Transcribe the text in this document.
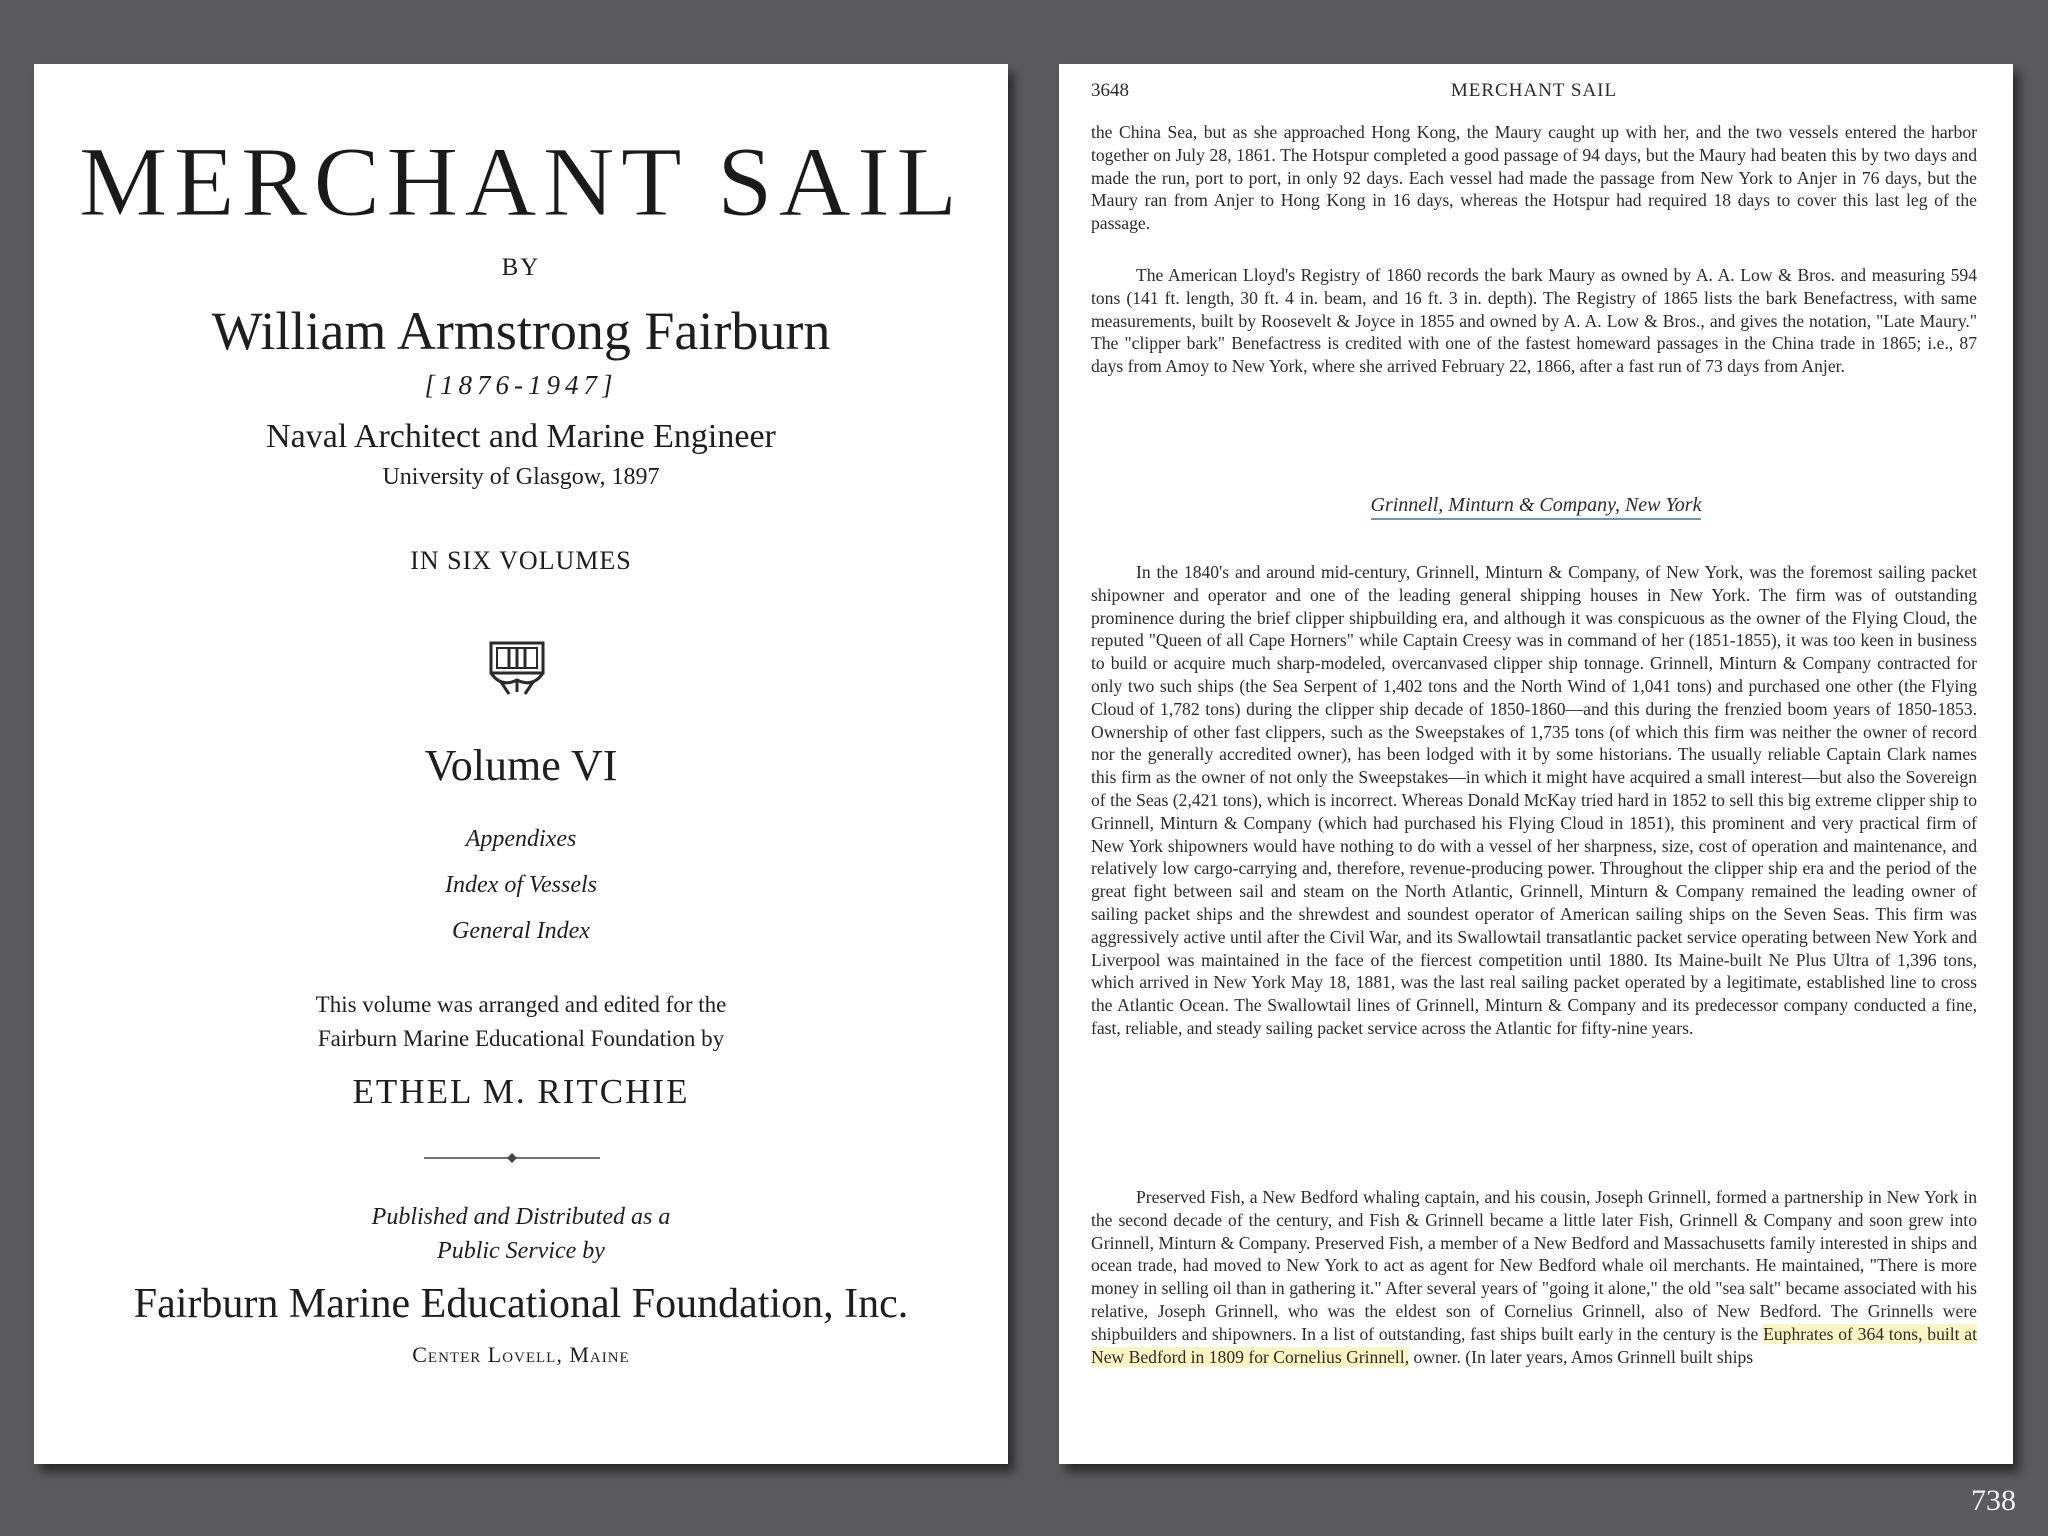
MERCHANT SAIL
BY
William Armstrong Fairburn
[1876-1947]
Naval Architect and Marine Engineer
University of Glasgow, 1897
IN SIX VOLUMES
Volume VI
Appendixes
Index of Vessels
General Index
This volume was arranged and edited for the
Fairburn Marine Educational Foundation by
ETHEL M. RITCHIE
Published and Distributed as a
Public Service by
Fairburn Marine Educational Foundation, Inc.
Center Lovell, Maine
3648	MERCHANT SAIL

the China Sea, but as she approached Hong Kong, the Maury caught up with her, and the two vessels entered the harbor together on July 28, 1861. The Hotspur completed a good passage of 94 days, but the Maury had beaten this by two days and made the run, port to port, in only 92 days. Each vessel had made the passage from New York to Anjer in 76 days, but the Maury ran from Anjer to Hong Kong in 16 days, whereas the Hotspur had required 18 days to cover this last leg of the passage.

The American Lloyd's Registry of 1860 records the bark Maury as owned by A. A. Low & Bros. and measuring 594 tons (141 ft. length, 30 ft. 4 in. beam, and 16 ft. 3 in. depth). The Registry of 1865 lists the bark Benefactress, with same measurements, built by Roosevelt & Joyce in 1855 and owned by A. A. Low & Bros., and gives the notation, "Late Maury." The "clipper bark" Benefactress is credited with one of the fastest homeward passages in the China trade in 1865; i.e., 87 days from Amoy to New York, where she arrived February 22, 1866, after a fast run of 73 days from Anjer.

Grinnell, Minturn & Company, New York

In the 1840's and around mid-century, Grinnell, Minturn & Company, of New York, was the foremost sailing packet shipowner and operator and one of the leading general shipping houses in New York. The firm was of outstanding prominence during the brief clipper shipbuilding era, and although it was conspicuous as the owner of the Flying Cloud, the reputed "Queen of all Cape Horners" while Captain Creesy was in command of her (1851-1855), it was too keen in business to build or acquire much sharp-modeled, overcanvased clipper ship tonnage. Grinnell, Minturn & Company contracted for only two such ships (the Sea Serpent of 1,402 tons and the North Wind of 1,041 tons) and purchased one other (the Flying Cloud of 1,782 tons) during the clipper ship decade of 1850-1860—and this during the frenzied boom years of 1850-1853. Ownership of other fast clippers, such as the Sweepstakes of 1,735 tons (of which this firm was neither the owner of record nor the generally accredited owner), has been lodged with it by some historians. The usually reliable Captain Clark names this firm as the owner of not only the Sweepstakes—in which it might have acquired a small interest—but also the Sovereign of the Seas (2,421 tons), which is incorrect. Whereas Donald McKay tried hard in 1852 to sell this big extreme clipper ship to Grinnell, Minturn & Company (which had purchased his Flying Cloud in 1851), this prominent and very practical firm of New York shipowners would have nothing to do with a vessel of her sharpness, size, cost of operation and maintenance, and relatively low cargo-carrying and, therefore, revenue-producing power. Throughout the clipper ship era and the period of the great fight between sail and steam on the North Atlantic, Grinnell, Minturn & Company remained the leading owner of sailing packet ships and the shrewdest and soundest operator of American sailing ships on the Seven Seas. This firm was aggressively active until after the Civil War, and its Swallowtail transatlantic packet service operating between New York and Liverpool was maintained in the face of the fiercest competition until 1880. Its Maine-built Ne Plus Ultra of 1,396 tons, which arrived in New York May 18, 1881, was the last real sailing packet operated by a legitimate, established line to cross the Atlantic Ocean. The Swallowtail lines of Grinnell, Minturn & Company and its predecessor company conducted a fine, fast, reliable, and steady sailing packet service across the Atlantic for fifty-nine years.

Preserved Fish, a New Bedford whaling captain, and his cousin, Joseph Grinnell, formed a partnership in New York in the second decade of the century, and Fish & Grinnell became a little later Fish, Grinnell & Company and soon grew into Grinnell, Minturn & Company. Preserved Fish, a member of a New Bedford and Massachusetts family interested in ships and ocean trade, had moved to New York to act as agent for New Bedford whale oil merchants. He maintained, "There is more money in selling oil than in gathering it." After several years of "going it alone," the old "sea salt" became associated with his relative, Joseph Grinnell, who was the eldest son of Cornelius Grinnell, also of New Bedford. The Grinnells were shipbuilders and shipowners. In a list of outstanding, fast ships built early in the century is the Euphrates of 364 tons, built at New Bedford in 1809 for Cornelius Grinnell, owner. (In later years, Amos Grinnell built ships

738
